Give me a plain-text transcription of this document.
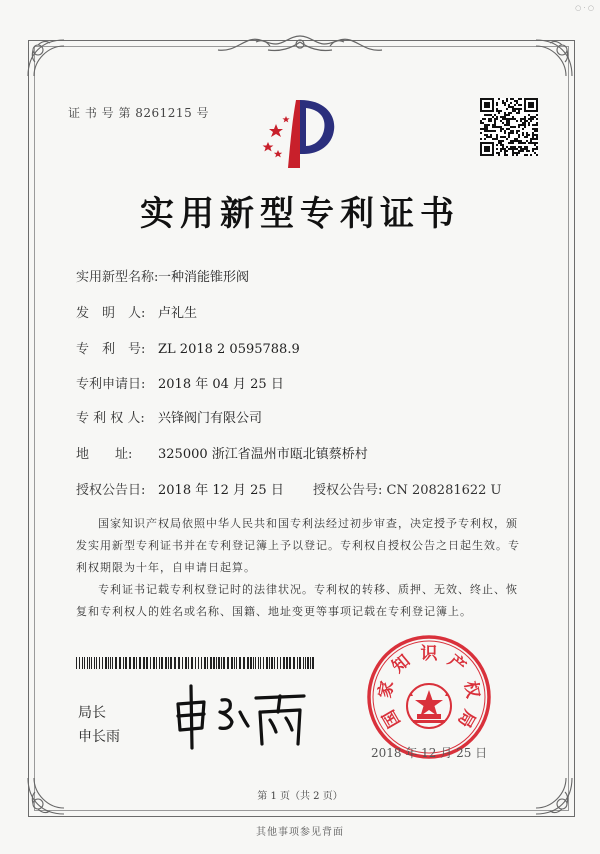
○ · ○
证 书 号 第 8261215 号
实用新型专利证书
实用新型名称:一种消能锥形阀
发　明　人: 卢礼生
专　利　号: ZL 2018 2 0595788.9
专利申请日: 2018 年 04 月 25 日
专 利 权 人: 兴锋阀门有限公司
地　　址: 325000 浙江省温州市瓯北镇蔡桥村
授权公告日: 2018 年 12 月 25 日 授权公告号: CN 208281622 U
国家知识产权局依照中华人民共和国专利法经过初步审查，决定授予专利权，颁发实用新型专利证书并在专利登记簿上予以登记。专利权自授权公告之日起生效。专利权期限为十年，自申请日起算。
专利证书记载专利权登记时的法律状况。专利权的转移、质押、无效、终止、恢复和专利权人的姓名或名称、国籍、地址变更等事项记载在专利登记簿上。
局长
申长雨
国
家
知 识 产
权
局
2018 年 12 月 25 日
第 1 页（共 2 页）
其他事项参见背面
